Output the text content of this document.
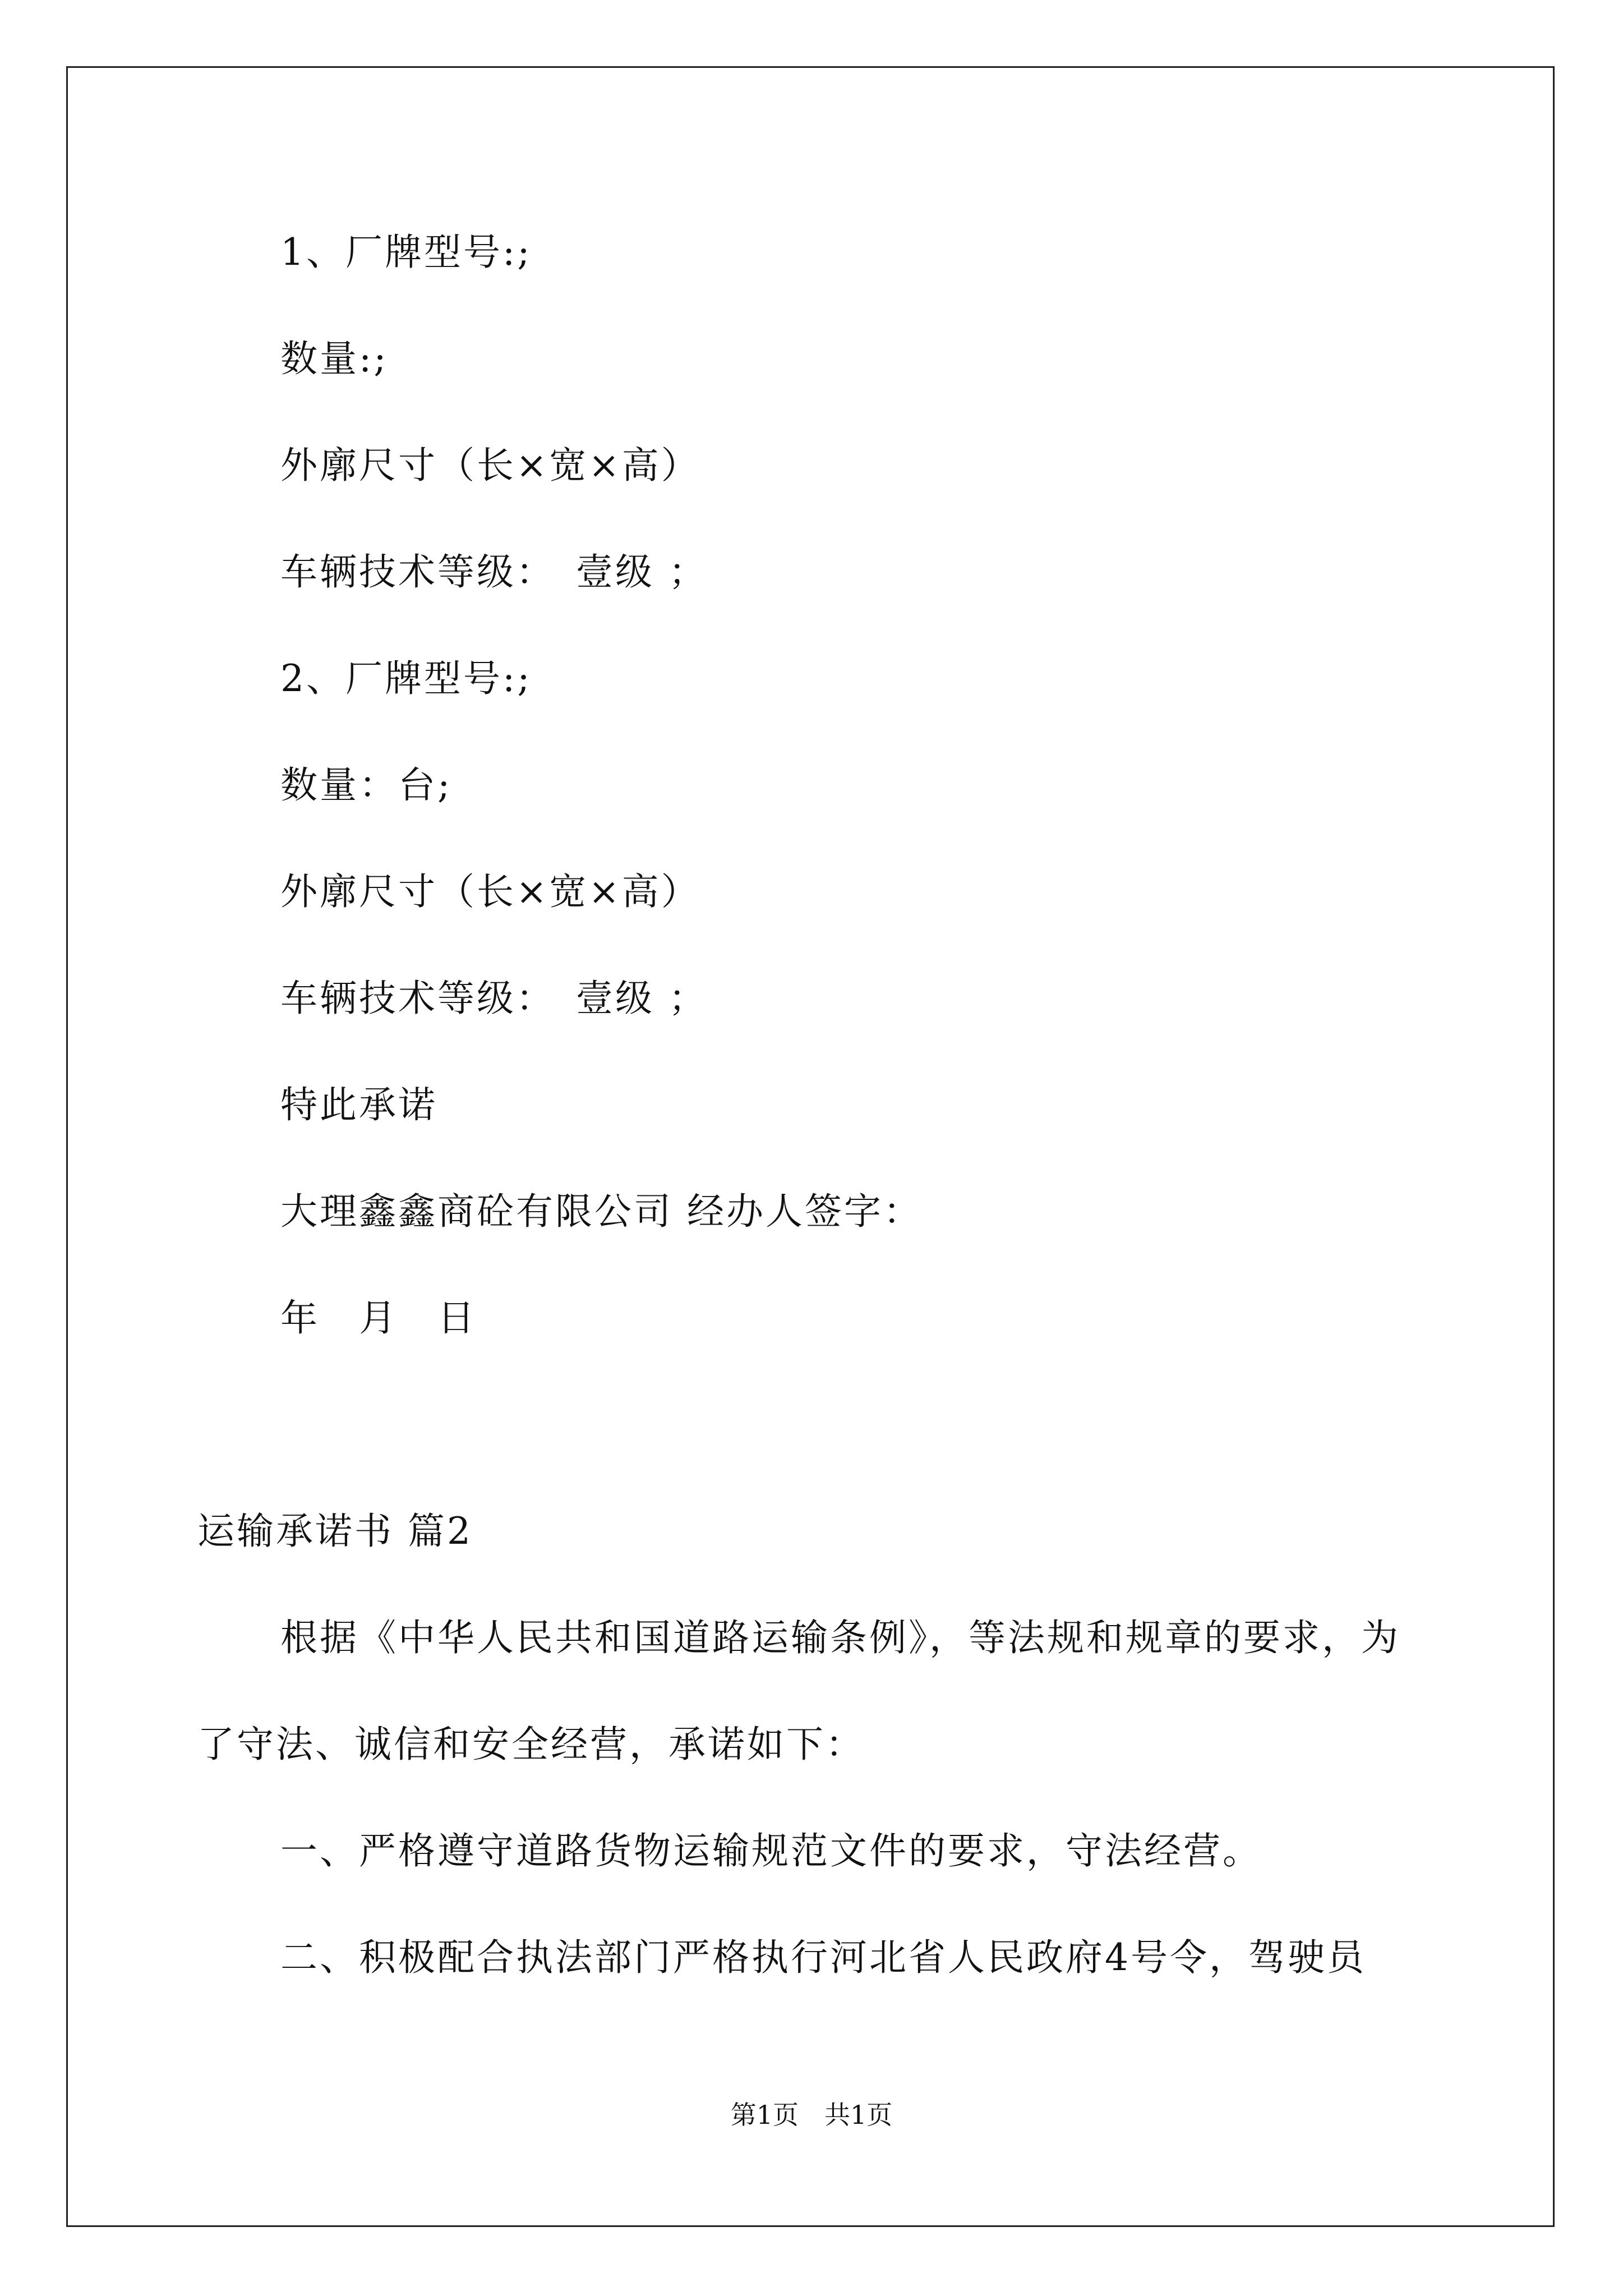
1、厂牌型号:;
数量:;
外廓尺寸（长×宽×高）
车辆技术等级：　壹级 ；
2、厂牌型号:;
数量：台;
外廓尺寸（长×宽×高）
车辆技术等级：　壹级 ；
特此承诺
大理鑫鑫商砼有限公司 经办人签字：
年　月　日
运输承诺书 篇2
根据《中华人民共和国道路运输条例》，等法规和规章的要求，为
了守法、诚信和安全经营，承诺如下：
一、严格遵守道路货物运输规范文件的要求，守法经营。
二、积极配合执法部门严格执行河北省人民政府4号令，驾驶员
第1页　共1页
